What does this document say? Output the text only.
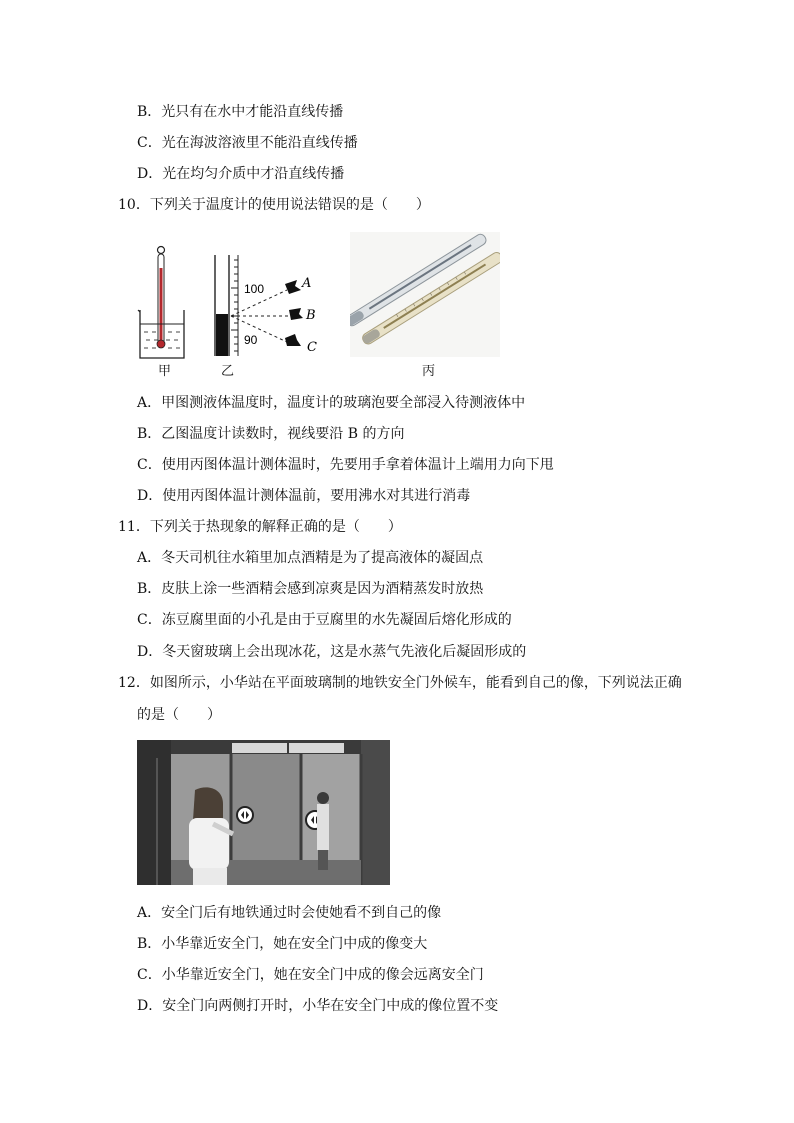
B．光只有在水中才能沿直线传播
C．光在海波溶液里不能沿直线传播
D．光在均匀介质中才沿直线传播
10．下列关于温度计的使用说法错误的是（　　）
甲
100
90
A
B
C
乙	丙
A．甲图测液体温度时，温度计的玻璃泡要全部浸入待测液体中
B．乙图温度计读数时，视线要沿 B 的方向
C．使用丙图体温计测体温时，先要用手拿着体温计上端用力向下甩
D．使用丙图体温计测体温前，要用沸水对其进行消毒
11．下列关于热现象的解释正确的是（　　）
A．冬天司机往水箱里加点酒精是为了提高液体的凝固点
B．皮肤上涂一些酒精会感到凉爽是因为酒精蒸发时放热
C．冻豆腐里面的小孔是由于豆腐里的水先凝固后熔化形成的
D．冬天窗玻璃上会出现冰花，这是水蒸气先液化后凝固形成的
12．如图所示，小华站在平面玻璃制的地铁安全门外候车，能看到自己的像，下列说法正确
的是（　　）
A．安全门后有地铁通过时会使她看不到自己的像
B．小华靠近安全门，她在安全门中成的像变大
C．小华靠近安全门，她在安全门中成的像会远离安全门
D．安全门向两侧打开时，小华在安全门中成的像位置不变
